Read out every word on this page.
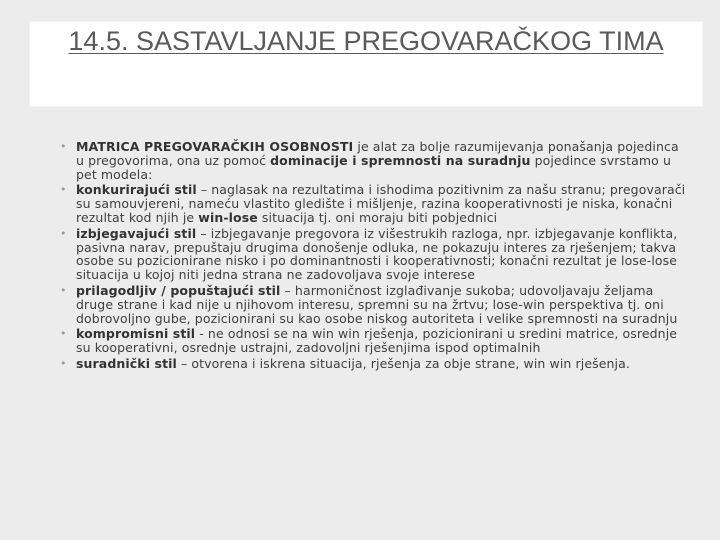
14.5. SASTAVLJANJE PREGOVARAČKOG TIMA
• MATRICA PREGOVARAČKIH OSOBNOSTI je alat za bolje razumijevanja ponašanja pojedinca u pregovorima, ona uz pomoć dominacije i spremnosti na suradnju pojedince svrstamo u pet modela:
• konkurirajući stil – naglasak na rezultatima i ishodima pozitivnim za našu stranu; pregovarači su samouvjereni, nameću vlastito gledište i mišljenje, razina kooperativnosti je niska, konačni rezultat kod njih je win-lose situacija tj. oni moraju biti pobjednici
• izbjegavajući stil – izbjegavanje pregovora iz višestrukih razloga, npr. izbjegavanje konflikta, pasivna narav, prepuštaju drugima donošenje odluka, ne pokazuju interes za rješenjem; takva osobe su pozicionirane nisko i po dominantnosti i kooperativnosti; konačni rezultat je lose-lose situacija u kojoj niti jedna strana ne zadovoljava svoje interese
• prilagodljiv / popuštajući stil – harmoničnost izglađivanje sukoba; udovoljavaju željama druge strane i kad nije u njihovom interesu, spremni su na žrtvu; lose-win perspektiva tj. oni dobrovoljno gube, pozicionirani su kao osobe niskog autoriteta i velike spremnosti na suradnju
• kompromisni stil - ne odnosi se na win win rješenja, pozicionirani u sredini matrice, osrednje su kooperativni, osrednje ustrajni, zadovoljni rješenjima ispod optimalnih
• suradnički stil – otvorena i iskrena situacija, rješenja za obje strane, win win rješenja.
